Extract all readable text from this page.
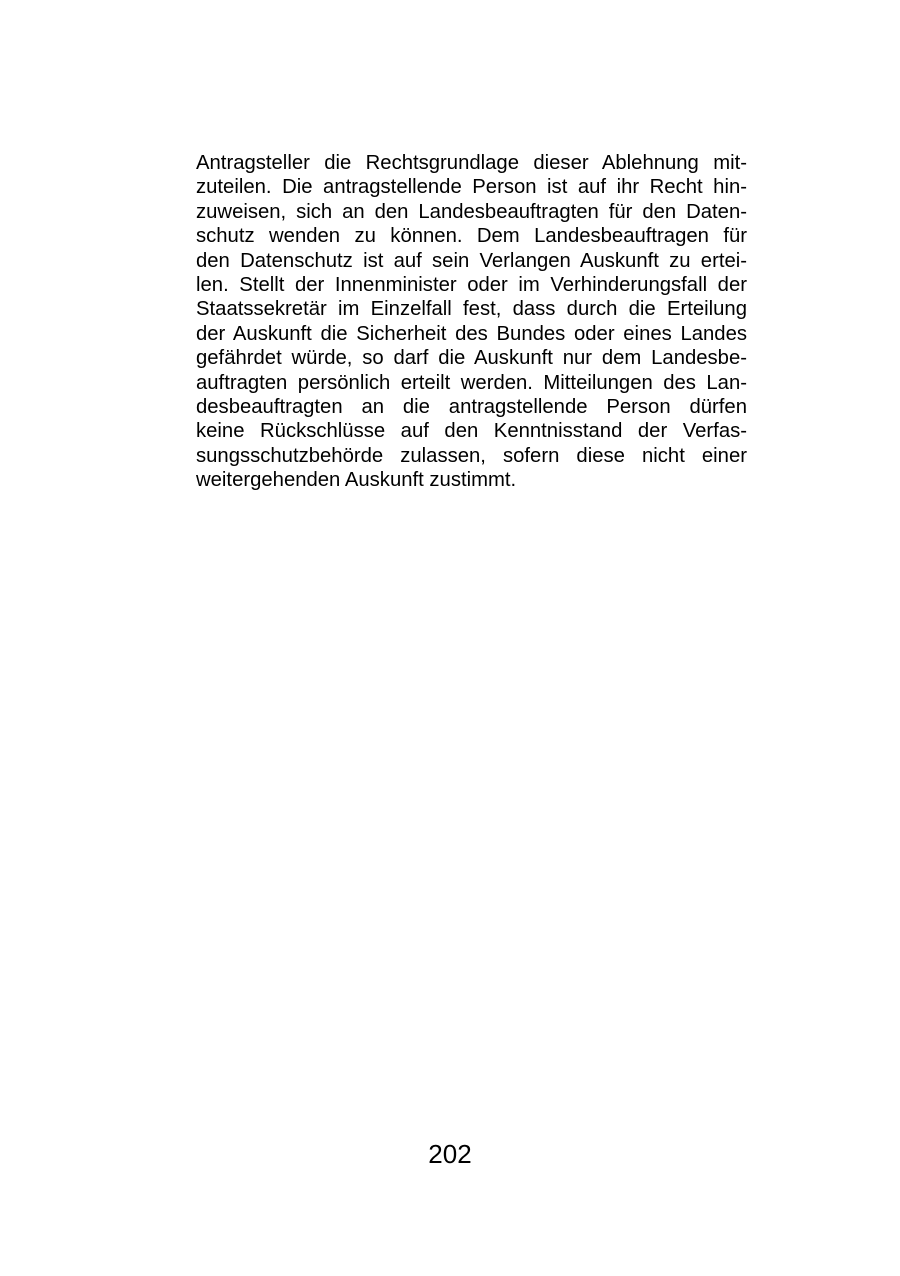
Antragsteller die Rechtsgrundlage dieser Ablehnung mit-
zuteilen. Die antragstellende Person ist auf ihr Recht hin-
zuweisen, sich an den Landesbeauftragten für den Daten-
schutz wenden zu können. Dem Landesbeauftragen für
den Datenschutz ist auf sein Verlangen Auskunft zu ertei-
len. Stellt der Innenminister oder im Verhinderungsfall der
Staatssekretär im Einzelfall fest, dass durch die Erteilung
der Auskunft die Sicherheit des Bundes oder eines Landes
gefährdet würde, so darf die Auskunft nur dem Landesbe-
auftragten persönlich erteilt werden. Mitteilungen des Lan-
desbeauftragten an die antragstellende Person dürfen
keine Rückschlüsse auf den Kenntnisstand der Verfas-
sungsschutzbehörde zulassen, sofern diese nicht einer
weitergehenden Auskunft zustimmt.
202
